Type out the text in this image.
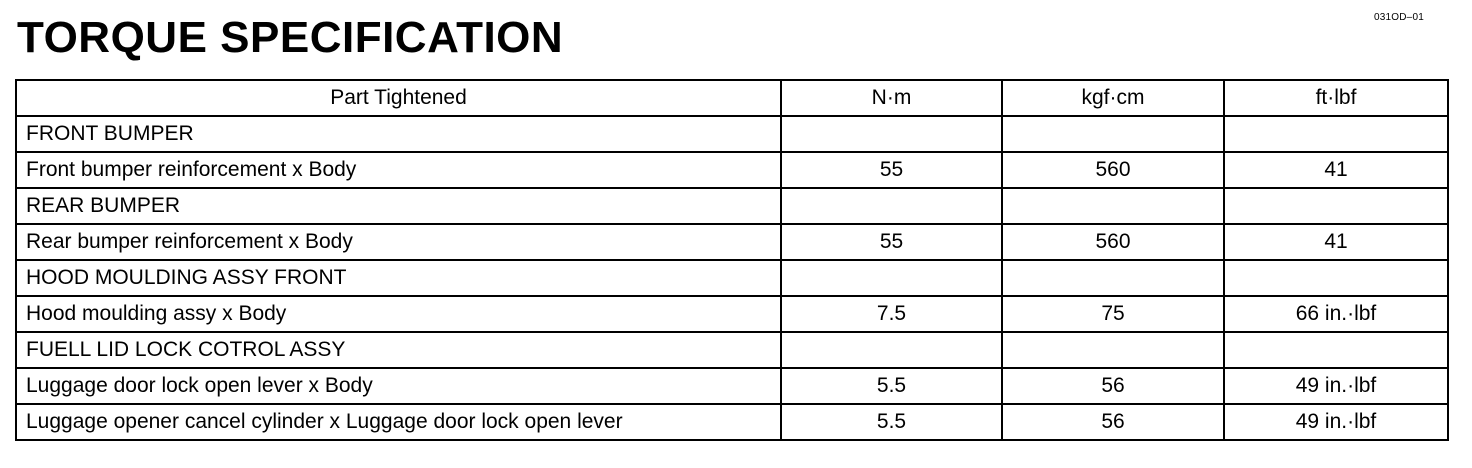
031OD–01
TORQUE SPECIFICATION
Part Tightened	N·m	kgf·cm	ft·lbf
FRONT BUMPER			
Front bumper reinforcement x Body	55	560	41
REAR BUMPER			
Rear bumper reinforcement x Body	55	560	41
HOOD MOULDING ASSY FRONT			
Hood moulding assy x Body	7.5	75	66 in.·lbf
FUELL LID LOCK COTROL ASSY			
Luggage door lock open lever x Body	5.5	56	49 in.·lbf
Luggage opener cancel cylinder x Luggage door lock open lever	5.5	56	49 in.·lbf
